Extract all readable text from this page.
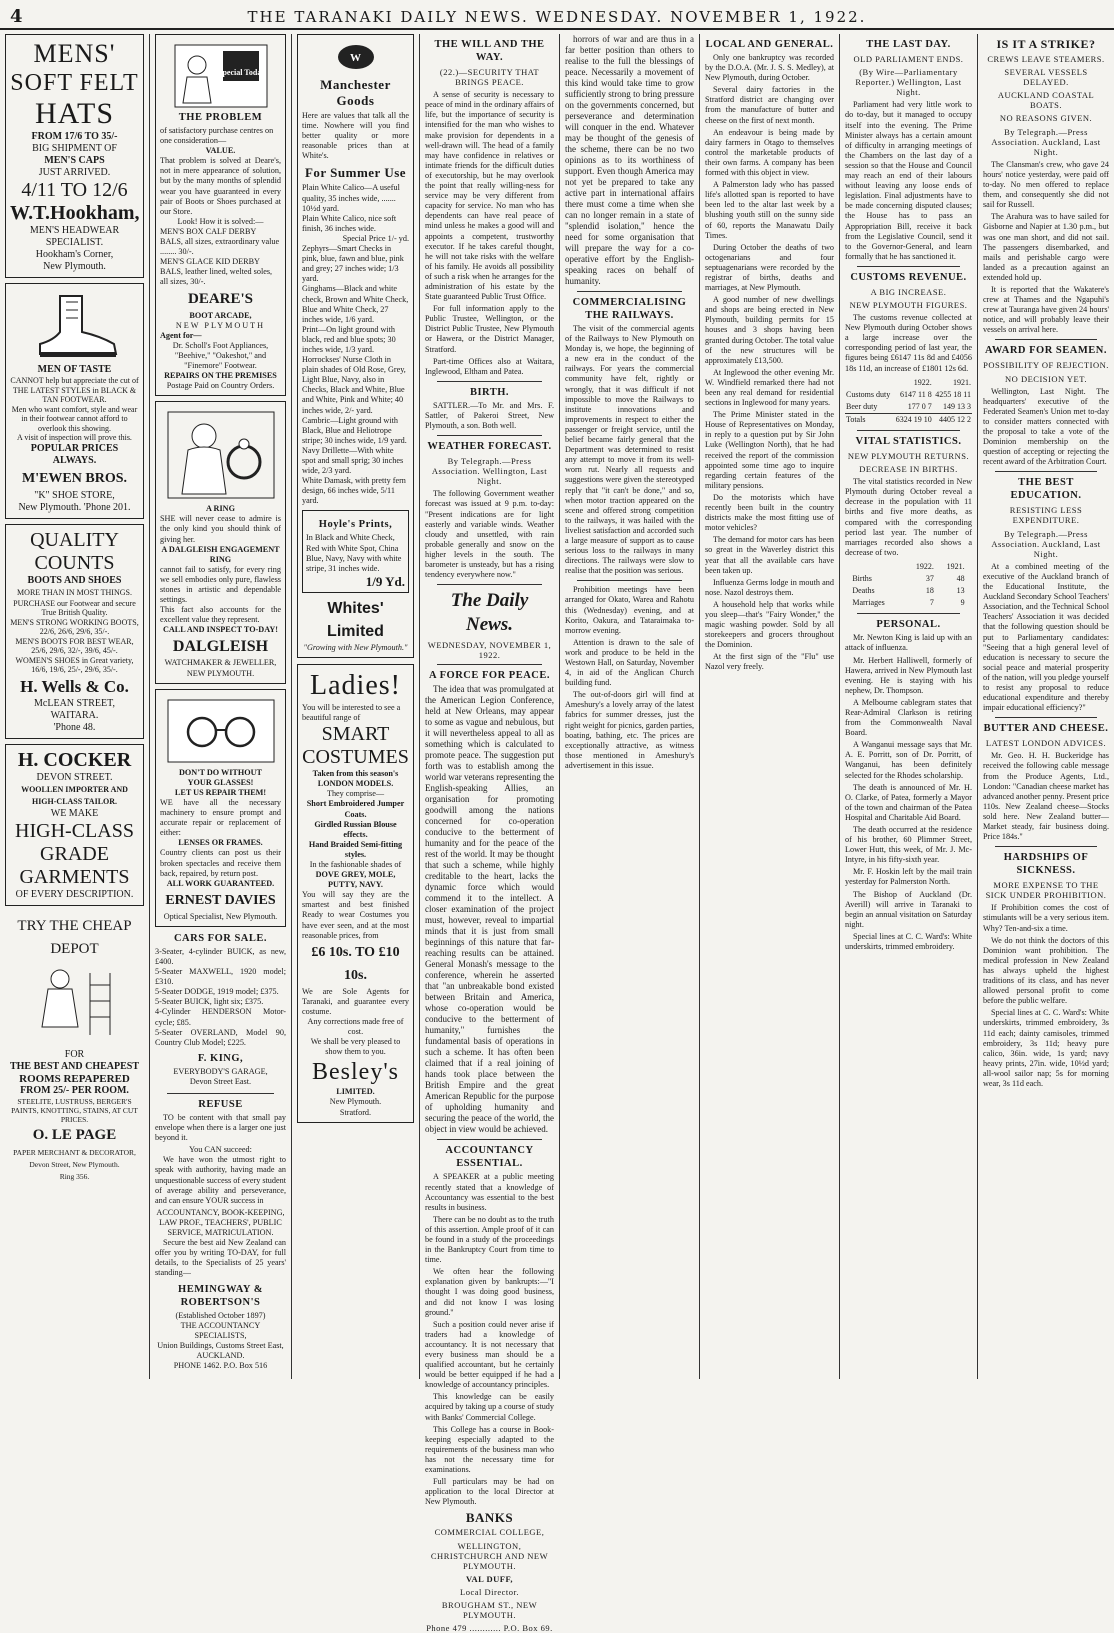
4	THE TARANAKI DAILY NEWS. WEDNESDAY. NOVEMBER 1, 1922.
MENS'
SOFT FELT
HATS
FROM 17/6 TO 35/-
BIG SHIPMENT OF
MEN'S CAPS
JUST ARRIVED.
4/11 TO 12/6
W.T.Hookham,
MEN'S HEADWEAR SPECIALIST.
Hookham's Corner,
New Plymouth.
MEN OF TASTE
CANNOT help but appreciate the cut of THE LATEST STYLES in BLACK & TAN FOOTWEAR.
Men who want comfort, style and wear in their footwear cannot afford to overlook this showing.
A visit of inspection will prove this.
POPULAR PRICES ALWAYS.
M'EWEN BROS.
"K" SHOE STORE,
New Plymouth. 'Phone 201.
QUALITY
COUNTS
BOOTS AND SHOES
MORE THAN IN MOST THINGS.
PURCHASE our Footwear and secure True British Quality.
MEN'S STRONG WORKING BOOTS, 22/6, 26/6, 29/6, 35/-.
MEN'S BOOTS FOR BEST WEAR, 25/6, 29/6, 32/-, 39/6, 45/-.
WOMEN'S SHOES in Great variety, 16/6, 19/6, 25/-, 29/6, 35/-.
H. Wells & Co.
McLEAN STREET,
WAITARA.
'Phone 48.
H. COCKER
DEVON STREET.
WOOLLEN IMPORTER AND HIGH-CLASS TAILOR.
WE MAKE
HIGH-CLASS
GRADE
GARMENTS
OF EVERY DESCRIPTION.
TRY THE CHEAP DEPOT
FOR
THE BEST AND CHEAPEST
ROOMS REPAPERED
FROM 25/- PER ROOM.
STEELITE, LUSTRUSS, BERGER'S PAINTS, KNOTTING, STAINS, AT CUT PRICES.
O. LE PAGE
PAPER MERCHANT & DECORATOR,
Devon Street, New Plymouth.
Ring 356.
Special Today
THE PROBLEM
of satisfactory purchase centres on one consideration—
VALUE.
That problem is solved at Deare's, not in mere appearance of solution, but by the many months of splendid wear you have guaranteed in every pair of Boots or Shoes purchased at our Store.
Look! How it is solved:—
MEN'S BOX CALF DERBY BALS, all sizes, extraordinary value ........ 30/-.
MEN'S GLACE KID DERBY BALS, leather lined, welted soles, all sizes, 30/-.
DEARE'S
BOOT ARCADE,
NEW PLYMOUTH
Agent for—
Dr. Scholl's Foot Appliances, "Beehive," "Oakeshot," and "Finemore" Footwear.
REPAIRS ON THE PREMISES
Postage Paid on Country Orders.
A RING
SHE will never cease to admire is the only kind you should think of giving her.
A DALGLEISH ENGAGEMENT RING
cannot fail to satisfy, for every ring we sell embodies only pure, flawless stones in artistic and dependable settings.
This fact also accounts for the excellent value they represent.
CALL AND INSPECT TO-DAY!
DALGLEISH
WATCHMAKER & JEWELLER, NEW PLYMOUTH.
DON'T DO WITHOUT
YOUR GLASSES!
LET US REPAIR THEM!
WE have all the necessary machinery to ensure prompt and accurate repair or replacement of either:
LENSES OR FRAMES.
Country clients can post us their broken spectacles and receive them back, repaired, by return post.
ALL WORK GUARANTEED.
ERNEST DAVIES
Optical Specialist, New Plymouth.
CARS FOR SALE.
3-Seater, 4-cylinder BUICK, as new, £400.
5-Seater MAXWELL, 1920 model; £310.
5-Seater DODGE, 1919 model; £375.
5-Seater BUICK, light six; £375.
4-Cylinder HENDERSON Motor-cycle; £85.
5-Seater OVERLAND, Model 90, Country Club Model; £225.
F. KING,
EVERYBODY'S GARAGE,
Devon Street East.
REFUSE

TO be content with that small pay envelope when there is a larger one just beyond it.

You CAN succeed:

We have won the utmost right to speak with authority, having made an unquestionable success of every student of average ability and perseverance, and can ensure YOUR success in

ACCOUNTANCY, BOOK-KEEPING, LAW PROF., TEACHERS', PUBLIC SERVICE, MATRICULATION.

Secure the best aid New Zealand can offer you by writing TO-DAY, for full details, to the Specialists of 25 years' standing—

HEMINGWAY & ROBERTSON'S
(Established October 1897)
THE ACCOUNTANCY SPECIALISTS,
Union Buildings, Customs Street East, AUCKLAND.
PHONE 1462. P.O. Box 516
W
Manchester Goods
Here are values that talk all the time. Nowhere will you find better quality or more reasonable prices than at White's.
For Summer Use
Plain White Calico—A useful quality, 35 inches wide, ....... 10½d yard.
Plain White Calico, nice soft finish, 36 inches wide.
Special Price 1/- yd.
Zephyrs—Smart Checks in pink, blue, fawn and blue, pink and grey; 27 inches wide; 1/3 yard.
Ginghams—Black and white check, Brown and White Check, Blue and White Check, 27 inches wide, 1/6 yard.
Print—On light ground with black, red and blue spots; 30 inches wide, 1/3 yard.
Horrockses' Nurse Cloth in plain shades of Old Rose, Grey, Light Blue, Navy, also in Checks, Black and White, Blue and White, Pink and White; 40 inches wide, 2/- yard.
Cambric—Light ground with Black, Blue and Heliotrope stripe; 30 inches wide, 1/9 yard.
Navy Drillette—With white spot and small sprig; 30 inches wide, 2/3 yard.
White Damask, with pretty fern design, 66 inches wide, 5/11 yard.
Hoyle's Prints,
In Black and White Check, Red with White Spot, China Blue, Navy, Navy with white stripe, 31 inches wide.
1/9 Yd.
Whites' Limited
"Growing with New Plymouth."
Ladies!
You will be interested to see a beautiful range of
SMART
COSTUMES
Taken from this season's LONDON MODELS.
They comprise—
Short Embroidered Jumper Coats.
Girdled Russian Blouse effects.
Hand Braided Semi-fitting styles.
In the fashionable shades of
DOVE GREY, MOLE, PUTTY, NAVY.
You will say they are the smartest and best finished Ready to wear Costumes you have ever seen, and at the most reasonable prices, from
£6 10s. TO £10 10s.
We are Sole Agents for Taranaki, and guarantee every costume.
Any corrections made free of cost.
We shall be very pleased to show them to you.
Besley's
LIMITED.
New Plymouth.
Stratford.
THE WILL AND THE WAY.
(22.)—SECURITY THAT BRINGS PEACE.

A sense of security is necessary to peace of mind in the ordinary affairs of life, but the importance of security is intensified for the man who wishes to make provision for dependents in a well-drawn will. The head of a family may have confidence in relatives or intimate friends for the difficult duties of executorship, but he may overlook the point that really willing-ness for service may be very different from capacity for service. No man who has dependents can have real peace of mind unless he makes a good will and appoints a competent, trustworthy executor. If he takes careful thought, he will not take risks with the welfare of his family. He avoids all possibility of such a risk when he arranges for the administration of his estate by the State guaranteed Public Trust Office.

For full information apply to the Public Trustee, Wellington, or the District Public Trustee, New Plymouth or Hawera, or the District Manager, Stratford.

Part-time Offices also at Waitara, Inglewood, Eltham and Patea.

BIRTH.

SATTLER.—To Mr. and Mrs. F. Sattler, of Pakeroi Street, New Plymouth, a son. Both well.

WEATHER FORECAST.
By Telegraph.—Press Association. Wellington, Last Night.

The following Government weather forecast was issued at 9 p.m. to-day: "Present indications are for light easterly and variable winds. Weather cloudy and unsettled, with rain probable generally and snow on the higher levels in the south. The barometer is unsteady, but has a rising tendency everywhere now."

The Daily News.
WEDNESDAY, NOVEMBER 1, 1922.
A FORCE FOR PEACE.

The idea that was promulgated at the American Legion Conference, held at New Orleans, may appear to some as vague and nebulous, but it will nevertheless appeal to all as something which is calculated to promote peace. The suggestion put forth was to establish among the world war veterans representing the English-speaking Allies, an organisation for promoting goodwill among the nations concerned for co-operation conducive to the betterment of humanity and for the peace of the rest of the world. It may be thought that such a scheme, while highly creditable to the heart, lacks the dynamic force which would commend it to the intellect. A closer examination of the project must, however, reveal to impartial minds that it is just from small beginnings of this nature that far-reaching results can be attained. General Monash's message to the conference, wherein he asserted that "an unbreakable bond existed between Britain and America, whose co-operation would be conducive to the betterment of humanity," furnishes the fundamental basis of operations in such a scheme. It has often been claimed that if a real joining of hands took place between the British Empire and the great American Republic for the purpose of upholding humanity and securing the peace of the world, the object in view would be achieved.

ACCOUNTANCY ESSENTIAL.

A SPEAKER at a public meeting recently stated that a knowledge of Accountancy was essential to the best results in business.

There can be no doubt as to the truth of this assertion. Ample proof of it can be found in a study of the proceedings in the Bankruptcy Court from time to time.

We often hear the following explanation given by bankrupts:—"I thought I was doing good business, and did not know I was losing ground."

Such a position could never arise if traders had a knowledge of accountancy. It is not necessary that every business man should be a qualified accountant, but he certainly would be better equipped if he had a knowledge of accountancy principles.

This knowledge can be easily acquired by taking up a course of study with Banks' Commercial College.

This College has a course in Book-keeping especially adapted to the requirements of the business man who has not the necessary time for examinations.

Full particulars may be had on application to the local Director at New Plymouth.

BANKS
COMMERCIAL COLLEGE,
WELLINGTON, CHRISTCHURCH AND NEW PLYMOUTH.
VAL DUFF,
Local Director.
BROUGHAM ST., NEW PLYMOUTH.
Phone 479 ............ P.O. Box 69.

horrors of war and are thus in a far better position than others to realise to the full the blessings of peace. Necessarily a movement of this kind would take time to grow sufficiently strong to bring pressure on the governments concerned, but perseverance and determination will conquer in the end. Whatever may be thought of the genesis of the scheme, there can be no two opinions as to its worthiness of support. Even though America may not yet be prepared to take any active part in international affairs there must come a time when she can no longer remain in a state of "splendid isolation," hence the need for some organisation that will prepare the way for a co-operative effort by the English-speaking races on behalf of humanity.

COMMERCIALISING THE RAILWAYS.

The visit of the commercial agents of the Railways to New Plymouth on Monday is, we hope, the beginning of a new era in the conduct of the railways. For years the commercial community have felt, rightly or wrongly, that it was difficult if not impossible to move the Railways to institute innovations and improvements in respect to either the passenger or freight service, until the belief became fairly general that the Department was determined to resist any attempt to move it from its well-worn rut. Nearly all requests and suggestions were given the stereotyped reply that "it can't be done," and so, when motor traction appeared on the scene and offered strong competition to the railways, it was hailed with the liveliest satisfaction and accorded such a large measure of support as to cause serious loss to the railways in many directions. The railways were slow to realise that the position was serious.

Prohibition meetings have been arranged for Okato, Warea and Rahotu this (Wednesday) evening, and at Korito, Oakura, and Tataraimaka to-morrow evening.

Attention is drawn to the sale of work and produce to be held in the Westown Hall, on Saturday, November 4, in aid of the Anglican Church building fund.

The out-of-doors girl will find at Ameshury's a lovely array of the latest fabrics for summer dresses, just the right weight for picnics, garden parties, boating, bathing, etc. The prices are exceptionally attractive, as witness those mentioned in Ameshury's advertisement in this issue.

LOCAL AND GENERAL.

Only one bankruptcy was recorded by the D.O.A. (Mr. J. S. S. Medley), at New Plymouth, during October.

Several dairy factories in the Stratford district are changing over from the manufacture of butter and cheese on the first of next month.

An endeavour is being made by dairy farmers in Otago to themselves control the marketable products of their own farms. A company has been formed with this object in view.

A Palmerston lady who has passed life's allotted span is reported to have been led to the altar last week by a blushing youth still on the sunny side of 60, reports the Manawatu Daily Times.

During October the deaths of two octogenarians and four septuagenarians were recorded by the registrar of births, deaths and marriages, at New Plymouth.

A good number of new dwellings and shops are being erected in New Plymouth, building permits for 15 houses and 3 shops having been granted during October. The total value of the new structures will be approximately £13,500.

At Inglewood the other evening Mr. W. Windfield remarked there had not been any real demand for residential sections in Inglewood for many years.

The Prime Minister stated in the House of Representatives on Monday, in reply to a question put by Sir John Luke (Wellington North), that he had received the report of the commission appointed some time ago to inquire regarding certain features of the military pensions.

Do the motorists which have recently been built in the country districts make the most fitting use of motor vehicles?

The demand for motor cars has been so great in the Waverley district this year that all the available cars have been taken up.

Influenza Germs lodge in mouth and nose. Nazol destroys them.

A household help that works while you sleep—that's "Fairy Wonder," the magic washing powder. Sold by all storekeepers and grocers throughout the Dominion.

At the first sign of the "Flu" use Nazol very freely.

THE LAST DAY.
OLD PARLIAMENT ENDS.
(By Wire—Parliamentary Reporter.) Wellington, Last Night.

Parliament had very little work to do to-day, but it managed to occupy itself into the evening. The Prime Minister always has a certain amount of difficulty in arranging meetings of the Chambers on the last day of a session so that the House and Council may reach an end of their labours without leaving any loose ends of legislation. Final adjustments have to be made concerning disputed clauses; the House has to pass an Appropriation Bill, receive it back from the Legislative Council, send it to the Governor-General, and learn formally that he has sanctioned it.

CUSTOMS REVENUE.
A BIG INCREASE.
NEW PLYMOUTH FIGURES.

The customs revenue collected at New Plymouth during October shows a large increase over the corresponding period of last year, the figures being £6147 11s 8d and £4056 18s 11d, an increase of £1801 12s 6d.

	1922.	1921.
Customs duty	6147 11 8	4255 18 11
Beer duty	177 0 7	149 13 3
Totals	6324 19 10	4405 12 2
VITAL STATISTICS.
NEW PLYMOUTH RETURNS.
DECREASE IN BIRTHS.

The vital statistics recorded in New Plymouth during October reveal a decrease in the population with 11 births and five more deaths, as compared with the corresponding period last year. The number of marriages recorded also shows a decrease of two.

	1922.	1921.
Births	37	48
Deaths	18	13
Marriages	7	9
PERSONAL.

Mr. Newton King is laid up with an attack of influenza.

Mr. Herbert Halliwell, formerly of Hawera, arrived in New Plymouth last evening. He is staying with his nephew, Dr. Thompson.

A Melbourne cablegram states that Rear-Admiral Clarkson is retiring from the Commonwealth Naval Board.

A Wanganui message says that Mr. A. E. Porritt, son of Dr. Porritt, of Wanganui, has been definitely selected for the Rhodes scholarship.

The death is announced of Mr. H. O. Clarke, of Patea, formerly a Mayor of the town and chairman of the Patea Hospital and Charitable Aid Board.

The death occurred at the residence of his brother, 60 Plimmer Street, Lower Hutt, this week, of Mr. J. Mc-Intyre, in his fifty-sixth year.

Mr. F. Hoskin left by the mail train yesterday for Palmerston North.

The Bishop of Auckland (Dr. Averill) will arrive in Taranaki to begin an annual visitation on Saturday night.

Special lines at C. C. Ward's: White underskirts, trimmed embroidery.

IS IT A STRIKE?
CREWS LEAVE STEAMERS.
SEVERAL VESSELS DELAYED.
AUCKLAND COASTAL BOATS.
NO REASONS GIVEN.
By Telegraph.—Press Association. Auckland, Last Night.

The Clansman's crew, who gave 24 hours' notice yesterday, were paid off to-day. No men offered to replace them, and consequently she did not sail for Russell.

The Arahura was to have sailed for Gisborne and Napier at 1.30 p.m., but was one man short, and did not sail. The passengers disembarked, and mails and perishable cargo were landed as a precaution against an extended hold up.

It is reported that the Wakatere's crew at Thames and the Ngapuhi's crew at Tauranga have given 24 hours' notice, and will probably leave their vessels on arrival here.

AWARD FOR SEAMEN.
POSSIBILITY OF REJECTION.
NO DECISION YET.

Wellington, Last Night. The headquarters' executive of the Federated Seamen's Union met to-day to consider matters connected with the proposal to take a vote of the Dominion membership on the question of accepting or rejecting the recent award of the Arbitration Court.

THE BEST EDUCATION.
RESISTING LESS EXPENDITURE.
By Telegraph.—Press Association. Auckland, Last Night.

At a combined meeting of the executive of the Auckland branch of the Educational Institute, the Auckland Secondary School Teachers' Association, and the Technical School Teachers' Association it was decided that the following question should be put to Parliamentary candidates: "Seeing that a high general level of education is necessary to secure the social peace and material prosperity of the nation, will you pledge yourself to resist any proposal to reduce educational expenditure and thereby impair educational efficiency?"

BUTTER AND CHEESE.
LATEST LONDON ADVICES.

Mr. Geo. H. H. Buckeridge has received the following cable message from the Produce Agents, Ltd., London: "Canadian cheese market has advanced another penny. Present price 110s. New Zealand cheese—Stocks sold here. New Zealand butter—Market steady, fair business doing. Price 184s."

HARDSHIPS OF SICKNESS.
MORE EXPENSE TO THE SICK UNDER PROHIBITION.

If Prohibition comes the cost of stimulants will be a very serious item. Why? Ten-and-six a time.

We do not think the doctors of this Dominion want prohibition. The medical profession in New Zealand has always upheld the highest traditions of its class, and has never allowed personal profit to come before the public welfare.

Special lines at C. C. Ward's: White underskirts, trimmed embroidery, 3s 11d each; dainty camisoles, trimmed embroidery, 3s 11d; heavy pure calico, 36in. wide, 1s yard; navy heavy prints, 27in. wide, 10½d yard; all-wool sailor nap; 5s for morning wear, 3s 11d each.
